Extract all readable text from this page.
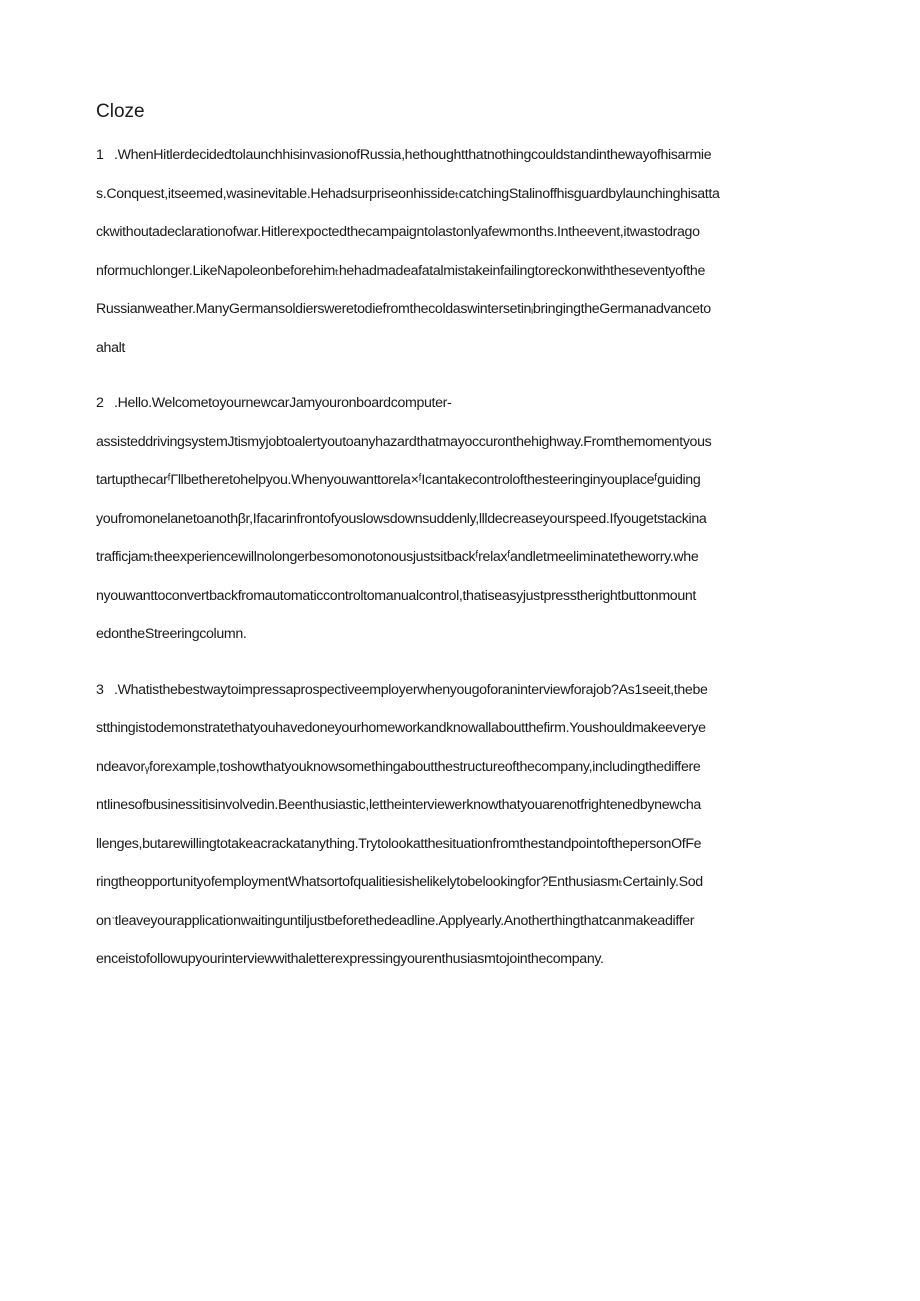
Cloze
1 .WhenHitlerdecidedtolaunchhisinvasionofRussia,hethoughtthatnothingcouldstandinthewayofhisarmie
s.Conquest,itseemed,wasinevitable.HehadsurpriseonhissideₜcatchingStalinoffhisguardbylaunchinghisatta
ckwithoutadeclarationofwar.Hitlerexpoctedthecampaigntolastonlyafewmonths.Intheevent,itwastodrago
nformuchlonger.LikeNapoleonbeforehimₜhehadmadeafatalmistakeinfailingtoreckonwiththeseventyofthe
Russianweather.ManyGermansoldiersweretodiefromthecoldaswintersetinᵢbringingtheGermanadvanceto
ahalt
2 .Hello.WelcometoyournewcarJamyouronboardcomputer-
assisteddrivingsystemJtismyjobtoalertyoutoanyhazardthatmayoccuronthehighway.Fromthemomentyous
tartupthecarᶠΓllbetheretohelpyou.Whenyouwanttorela×ᶠIcantakecontrolofthesteeringinyouplaceᶠguiding
youfromonelanetoanothβr,Ifacarinfrontofyouslowsdownsuddenly,llldecreaseyourspeed.Ifyougetstackina
trafficjamₜtheexperiencewillnolongerbesomonotonousjustsitbackᶠrelaxᶠandletmeeliminatetheworry.whe
nyouwanttoconvertbackfromautomaticcontroltomanualcontrol,thatiseasyjustpresstherightbuttonmount
edontheStreeringcolumn.
3 .Whatisthebestwaytoimpressaprospectiveemployerwhenyougoforaninterviewforajob?As1seeit,thebe
stthingistodemonstratethatyouhavedoneyourhomeworkandknowallaboutthefirm.Youshouldmakeeverye
ndeavorᵧforexample,toshowthatyouknowsomethingaboutthestructureofthecompany,includingthediffere
ntlinesofbusinessitisinvolvedin.Beenthusiastic,lettheinterviewerknowthatyouarenotfrightenedbynewcha
llenges,butarewillingtotakeacrackatanything.TrytolookatthesituationfromthestandpointofthepersonOfFe
ringtheopportunityofemploymentWhatsortofqualitiesishelikelytobelookingfor?EnthusiasmₜCertainIy.Sod
onˑtleaveyourapplicationwaitinguntiljustbeforethedeadline.Applyearly.Anotherthingthatcanmakeadiffer
enceistofollowupyourinterviewwithaletterexpressingyourenthusiasmtojointhecompany.
